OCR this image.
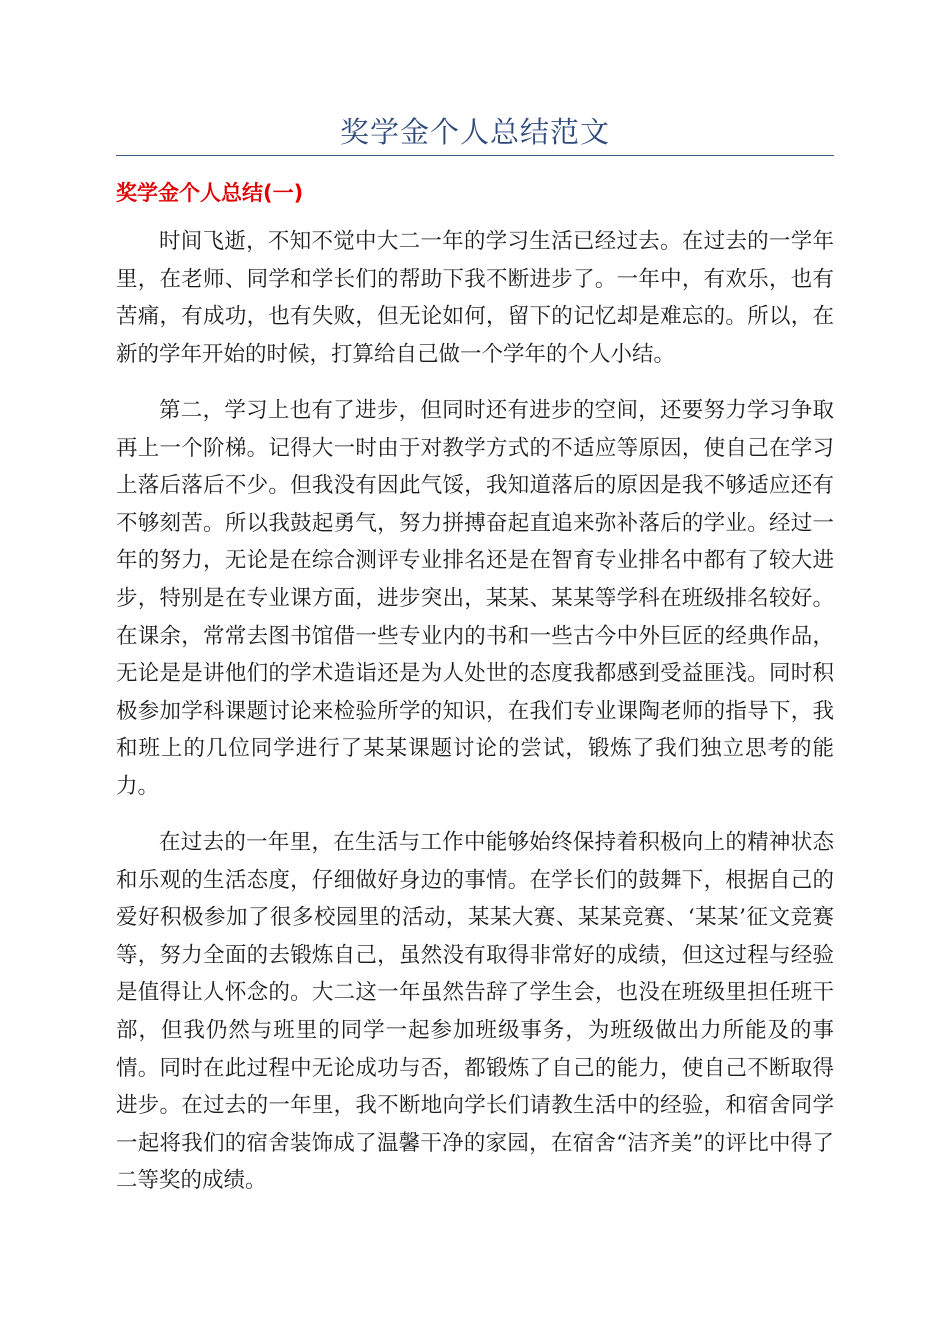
奖学金个人总结范文
奖学金个人总结(一)

时间飞逝，不知不觉中大二一年的学习生活已经过去。在过去的一学年里，在老师、同学和学长们的帮助下我不断进步了。一年中，有欢乐，也有苦痛，有成功，也有失败，但无论如何，留下的记忆却是难忘的。所以，在新的学年开始的时候，打算给自己做一个学年的个人小结。

第二，学习上也有了进步，但同时还有进步的空间，还要努力学习争取再上一个阶梯。记得大一时由于对教学方式的不适应等原因，使自己在学习上落后落后不少。但我没有因此气馁，我知道落后的原因是我不够适应还有不够刻苦。所以我鼓起勇气，努力拼搏奋起直追来弥补落后的学业。经过一年的努力，无论是在综合测评专业排名还是在智育专业排名中都有了较大进步，特别是在专业课方面，进步突出，某某、某某等学科在班级排名较好。在课余，常常去图书馆借一些专业内的书和一些古今中外巨匠的经典作品，无论是是讲他们的学术造诣还是为人处世的态度我都感到受益匪浅。同时积极参加学科课题讨论来检验所学的知识，在我们专业课陶老师的指导下，我和班上的几位同学进行了某某课题讨论的尝试，锻炼了我们独立思考的能力。

在过去的一年里，在生活与工作中能够始终保持着积极向上的精神状态和乐观的生活态度，仔细做好身边的事情。在学长们的鼓舞下，根据自己的爱好积极参加了很多校园里的活动，某某大赛、某某竞赛、‘某某’征文竞赛等，努力全面的去锻炼自己，虽然没有取得非常好的成绩，但这过程与经验是值得让人怀念的。大二这一年虽然告辞了学生会，也没在班级里担任班干部，但我仍然与班里的同学一起参加班级事务，为班级做出力所能及的事情。同时在此过程中无论成功与否，都锻炼了自己的能力，使自己不断取得进步。在过去的一年里，我不断地向学长们请教生活中的经验，和宿舍同学一起将我们的宿舍装饰成了温馨干净的家园，在宿舍“洁齐美”的评比中得了二等奖的成绩。
